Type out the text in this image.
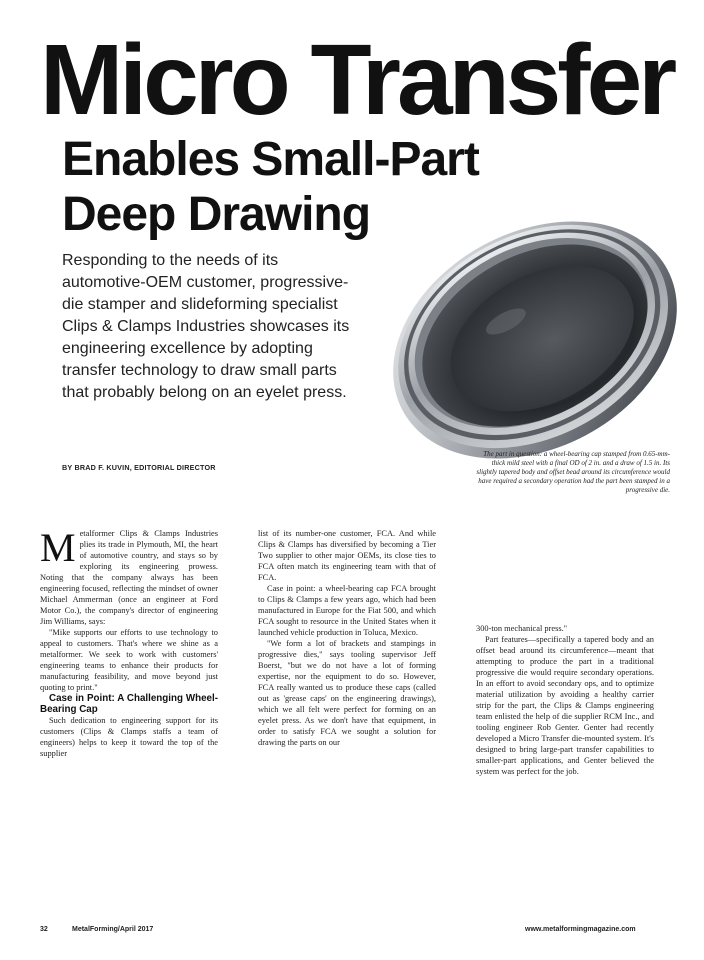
Micro Transfer
Enables Small-Part
Deep Drawing

Responding to the needs of its automotive-OEM customer, progressive-die stamper and slideforming specialist Clips & Clamps Industries showcases its engineering excellence by adopting transfer technology to draw small parts that probably belong on an eyelet press.

BY BRAD F. KUVIN, EDITORIAL DIRECTOR

The part in question: a wheel-bearing cap stamped from 0.65-mm-thick mild steel with a final OD of 2 in. and a draw of 1.5 in. Its slightly tapered body and offset bead around its circumference would have required a secondary operation had the part been stamped in a progressive die.

Metalformer Clips & Clamps Industries plies its trade in Plymouth, MI, the heart of automotive country, and stays so by exploring its engineering prowess. Noting that the company always has been engineering focused, reflecting the mindset of owner Michael Ammerman (once an engineer at Ford Motor Co.), the company's director of engineering Jim Williams, says:

"Mike supports our efforts to use technology to appeal to customers. That's where we shine as a metalformer. We seek to work with customers' engineering teams to enhance their products for manufacturing feasibility, and move beyond just quoting to print."

Case in Point: A Challenging Wheel-Bearing Cap

Such dedication to engineering support for its customers (Clips & Clamps staffs a team of engineers) helps to keep it toward the top of the supplier

list of its number-one customer, FCA. And while Clips & Clamps has diversified by becoming a Tier Two supplier to other major OEMs, its close ties to FCA often match its engineering team with that of FCA.

Case in point: a wheel-bearing cap FCA brought to Clips & Clamps a few years ago, which had been manufactured in Europe for the Fiat 500, and which FCA sought to resource in the United States when it launched vehicle production in Toluca, Mexico.

"We form a lot of brackets and stampings in progressive dies," says tooling supervisor Jeff Boerst, "but we do not have a lot of forming expertise, nor the equipment to do so. However, FCA really wanted us to produce these caps (called out as 'grease caps' on the engineering drawings), which we all felt were perfect for forming on an eyelet press. As we don't have that equipment, in order to satisfy FCA we sought a solution for drawing the parts on our

300-ton mechanical press."

Part features—specifically a tapered body and an offset bead around its circumference—meant that attempting to produce the part in a traditional progressive die would require secondary operations. In an effort to avoid secondary ops, and to optimize material utilization by avoiding a healthy carrier strip for the part, the Clips & Clamps engineering team enlisted the help of die supplier RCM Inc., and tooling engineer Rob Genter. Genter had recently developed a Micro Transfer die-mounted system. It's designed to bring large-part transfer capabilities to smaller-part applications, and Genter believed the system was perfect for the job.

32	MetalForming/April 2017	www.metalformingmagazine.com
